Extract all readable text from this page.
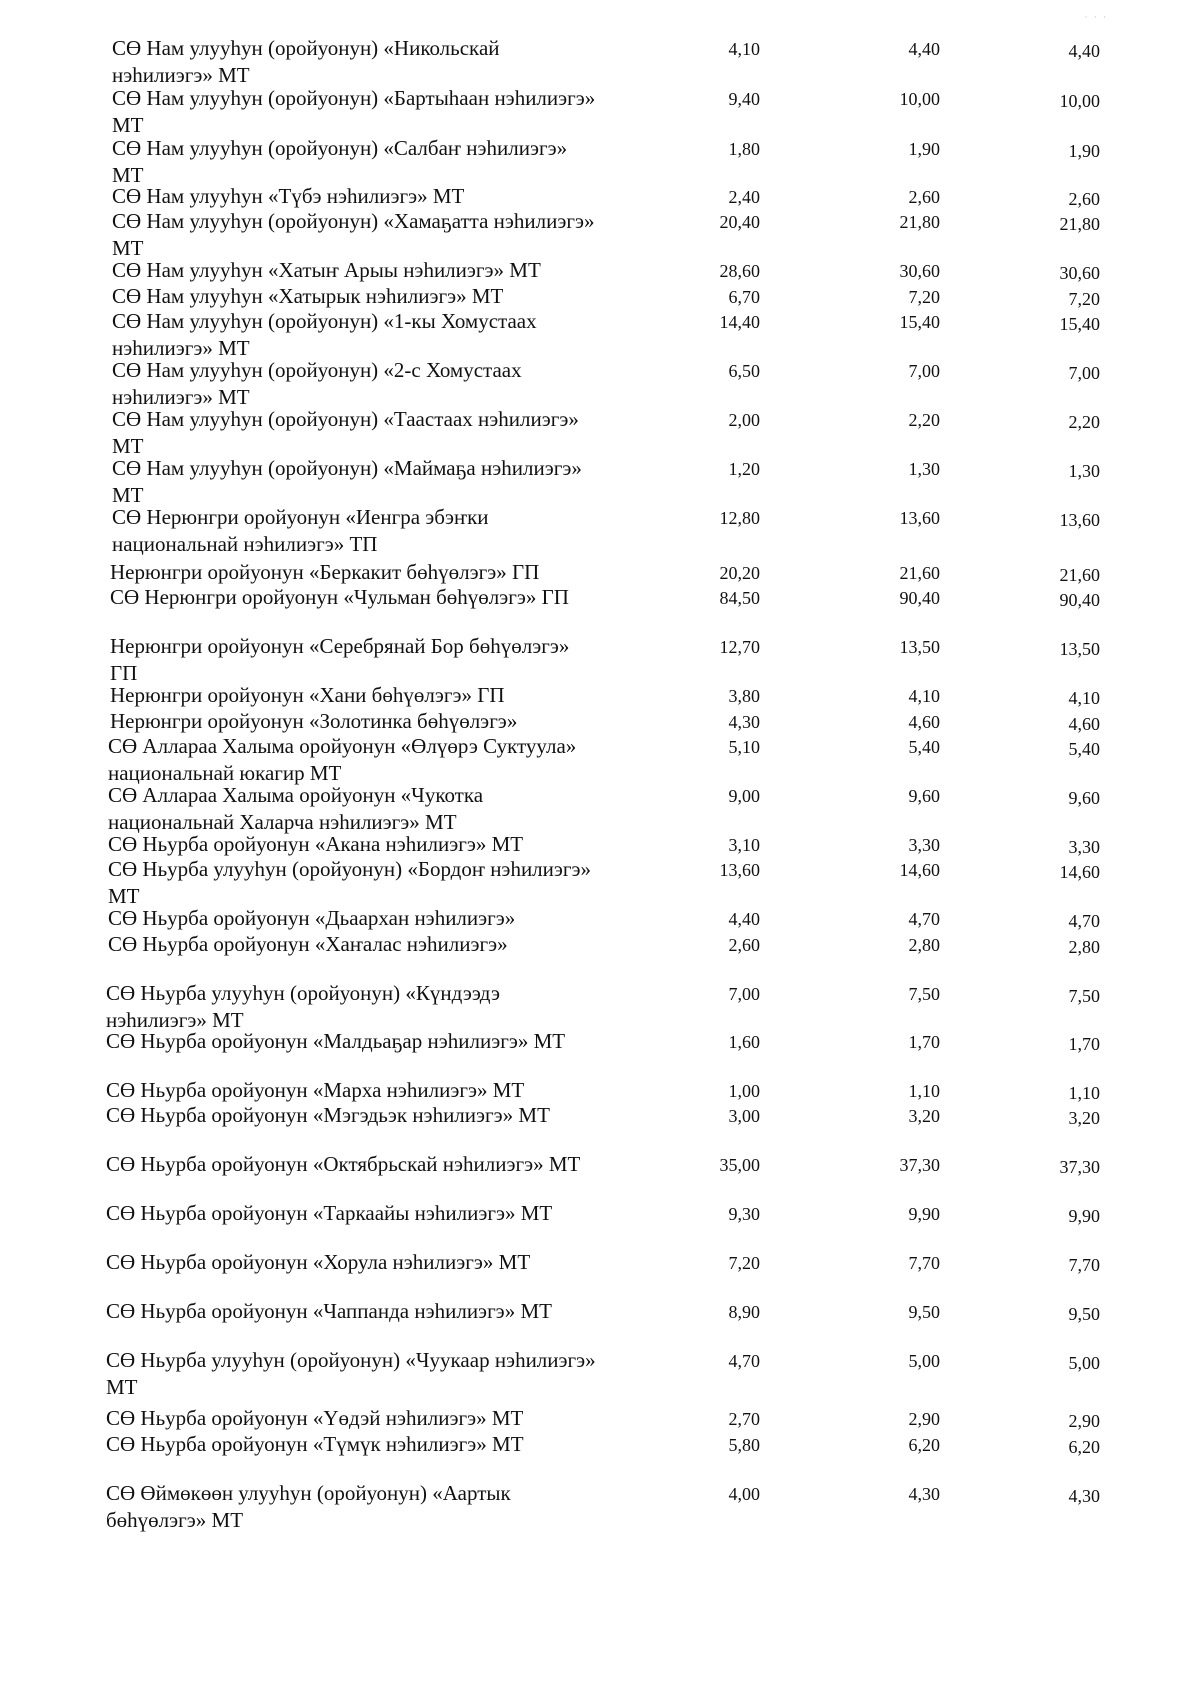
· · ·
СӨ Нам улууһун (оройуонун) «Никольскай нэһилиэгэ» МТ
4,10	4,40	4,40
СӨ Нам улууһун (оройуонун) «Бартыһаан нэһилиэгэ» МТ
9,40	10,00	10,00
СӨ Нам улууһун (оройуонун) «Салбаҥ нэһилиэгэ» МТ
1,80	1,90	1,90
СӨ Нам улууһун «Түбэ нэһилиэгэ» МТ	2,40	2,60	2,60
СӨ Нам улууһун (оройуонун) «Хамаҕатта нэһилиэгэ» МТ
20,40	21,80	21,80
СӨ Нам улууһун «Хатыҥ Арыы нэһилиэгэ» МТ	28,60	30,60	30,60
СӨ Нам улууһун «Хатырык нэһилиэгэ» МТ	6,70	7,20	7,20
СӨ Нам улууһун (оройуонун) «1-кы Хомустаах нэһилиэгэ» МТ
14,40	15,40	15,40
СӨ Нам улууһун (оройуонун) «2-с Хомустаах нэһилиэгэ» МТ
6,50	7,00	7,00
СӨ Нам улууһун (оройуонун) «Таастаах нэһилиэгэ» МТ
2,00	2,20	2,20
СӨ Нам улууһун (оройуонун) «Маймаҕа нэһилиэгэ» МТ
1,20	1,30	1,30
СӨ Нерюнгри оройуонун «Иенгра эбэҥки национальнай нэһилиэгэ» ТП
12,80	13,60	13,60
Нерюнгри оройуонун «Беркакит бөһүөлэгэ» ГП	20,20	21,60	21,60
СӨ Нерюнгри оройуонун «Чульман бөһүөлэгэ» ГП	84,50	90,40	90,40
Нерюнгри оройуонун «Серебрянай Бор бөһүөлэгэ» ГП
12,70	13,50	13,50
Нерюнгри оройуонун «Хани бөһүөлэгэ» ГП	3,80	4,10	4,10
Нерюнгри оройуонун «Золотинка бөһүөлэгэ»	4,30	4,60	4,60
СӨ Аллараа Халыма оройуонун «Өлүөрэ Суктуула» национальнай юкагир МТ
5,10	5,40	5,40
СӨ Аллараа Халыма оройуонун «Чукотка национальнай Халарча нэһилиэгэ» МТ
9,00	9,60	9,60
СӨ Ньурба оройуонун «Акана нэһилиэгэ» МТ	3,10	3,30	3,30
СӨ Ньурба улууһун (оройуонун) «Бордоҥ нэһилиэгэ» МТ
13,60	14,60	14,60
СӨ Ньурба оройуонун «Дьаархан нэһилиэгэ»	4,40	4,70	4,70
СӨ Ньурба оройуонун «Хаҥалас нэһилиэгэ»	2,60	2,80	2,80
СӨ Ньурба улууһун (оройуонун) «Күндээдэ нэһилиэгэ» МТ
7,00	7,50	7,50
СӨ Ньурба оройуонун «Малдьаҕар нэһилиэгэ» МТ	1,60	1,70	1,70
СӨ Ньурба оройуонун «Марха нэһилиэгэ» МТ	1,00	1,10	1,10
СӨ Ньурба оройуонун «Мэгэдьэк нэһилиэгэ» МТ	3,00	3,20	3,20
СӨ Ньурба оройуонун «Октябрьскай нэһилиэгэ» МТ	35,00	37,30	37,30
СӨ Ньурба оройуонун «Таркаайы нэһилиэгэ» МТ	9,30	9,90	9,90
СӨ Ньурба оройуонун «Хорула нэһилиэгэ» МТ	7,20	7,70	7,70
СӨ Ньурба оройуонун «Чаппанда нэһилиэгэ» МТ	8,90	9,50	9,50
СӨ Ньурба улууһун (оройуонун) «Чуукаар нэһилиэгэ» МТ
4,70	5,00	5,00
СӨ Ньурба оройуонун «Үөдэй нэһилиэгэ» МТ	2,70	2,90	2,90
СӨ Ньурба оройуонун «Түмүк нэһилиэгэ» МТ	5,80	6,20	6,20
СӨ Өймөкөөн улууһун (оройуонун) «Аартык бөһүөлэгэ» МТ
4,00	4,30	4,30
